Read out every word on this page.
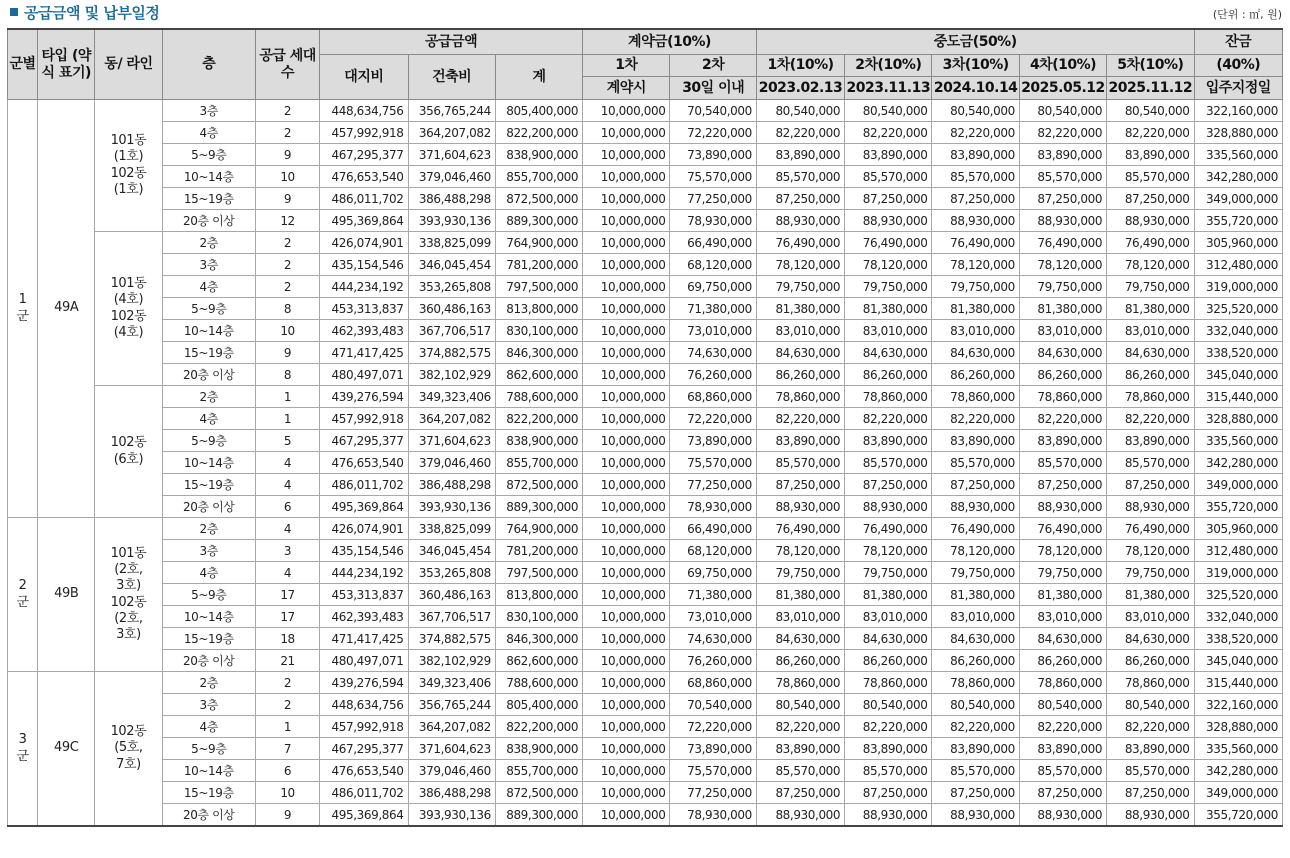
공급금액 및 납부일정	(단위 : ㎡, 원)
군별	타입 (약식 표기)	동/ 라인	층	공급 세대수	공급금액			계약금(10%)		중도금(50%)					잔금
					대지비	건축비	계	1차	2차	1차(10%)	2차(10%)	3차(10%)	4차(10%)	5차(10%)	(40%)
								계약시	30일 이내	2023.02.13	2023.11.13	2024.10.14	2025.05.12	2025.11.12	입주지정일
1 군	49A	101동 (1호) 102동 (1호)	3층	2	448,634,756	356,765,244	805,400,000	10,000,000	70,540,000	80,540,000	80,540,000	80,540,000	80,540,000	80,540,000	322,160,000
			4층	2	457,992,918	364,207,082	822,200,000	10,000,000	72,220,000	82,220,000	82,220,000	82,220,000	82,220,000	82,220,000	328,880,000
			5~9층	9	467,295,377	371,604,623	838,900,000	10,000,000	73,890,000	83,890,000	83,890,000	83,890,000	83,890,000	83,890,000	335,560,000
			10~14층	10	476,653,540	379,046,460	855,700,000	10,000,000	75,570,000	85,570,000	85,570,000	85,570,000	85,570,000	85,570,000	342,280,000
			15~19층	9	486,011,702	386,488,298	872,500,000	10,000,000	77,250,000	87,250,000	87,250,000	87,250,000	87,250,000	87,250,000	349,000,000
			20층 이상	12	495,369,864	393,930,136	889,300,000	10,000,000	78,930,000	88,930,000	88,930,000	88,930,000	88,930,000	88,930,000	355,720,000
		101동 (4호) 102동 (4호)	2층	2	426,074,901	338,825,099	764,900,000	10,000,000	66,490,000	76,490,000	76,490,000	76,490,000	76,490,000	76,490,000	305,960,000
			3층	2	435,154,546	346,045,454	781,200,000	10,000,000	68,120,000	78,120,000	78,120,000	78,120,000	78,120,000	78,120,000	312,480,000
			4층	2	444,234,192	353,265,808	797,500,000	10,000,000	69,750,000	79,750,000	79,750,000	79,750,000	79,750,000	79,750,000	319,000,000
			5~9층	8	453,313,837	360,486,163	813,800,000	10,000,000	71,380,000	81,380,000	81,380,000	81,380,000	81,380,000	81,380,000	325,520,000
			10~14층	10	462,393,483	367,706,517	830,100,000	10,000,000	73,010,000	83,010,000	83,010,000	83,010,000	83,010,000	83,010,000	332,040,000
			15~19층	9	471,417,425	374,882,575	846,300,000	10,000,000	74,630,000	84,630,000	84,630,000	84,630,000	84,630,000	84,630,000	338,520,000
			20층 이상	8	480,497,071	382,102,929	862,600,000	10,000,000	76,260,000	86,260,000	86,260,000	86,260,000	86,260,000	86,260,000	345,040,000
		102동 (6호)	2층	1	439,276,594	349,323,406	788,600,000	10,000,000	68,860,000	78,860,000	78,860,000	78,860,000	78,860,000	78,860,000	315,440,000
			4층	1	457,992,918	364,207,082	822,200,000	10,000,000	72,220,000	82,220,000	82,220,000	82,220,000	82,220,000	82,220,000	328,880,000
			5~9층	5	467,295,377	371,604,623	838,900,000	10,000,000	73,890,000	83,890,000	83,890,000	83,890,000	83,890,000	83,890,000	335,560,000
			10~14층	4	476,653,540	379,046,460	855,700,000	10,000,000	75,570,000	85,570,000	85,570,000	85,570,000	85,570,000	85,570,000	342,280,000
			15~19층	4	486,011,702	386,488,298	872,500,000	10,000,000	77,250,000	87,250,000	87,250,000	87,250,000	87,250,000	87,250,000	349,000,000
			20층 이상	6	495,369,864	393,930,136	889,300,000	10,000,000	78,930,000	88,930,000	88,930,000	88,930,000	88,930,000	88,930,000	355,720,000
2 군	49B	101동 (2호, 3호) 102동 (2호, 3호)	2층	4	426,074,901	338,825,099	764,900,000	10,000,000	66,490,000	76,490,000	76,490,000	76,490,000	76,490,000	76,490,000	305,960,000
			3층	3	435,154,546	346,045,454	781,200,000	10,000,000	68,120,000	78,120,000	78,120,000	78,120,000	78,120,000	78,120,000	312,480,000
			4층	4	444,234,192	353,265,808	797,500,000	10,000,000	69,750,000	79,750,000	79,750,000	79,750,000	79,750,000	79,750,000	319,000,000
			5~9층	17	453,313,837	360,486,163	813,800,000	10,000,000	71,380,000	81,380,000	81,380,000	81,380,000	81,380,000	81,380,000	325,520,000
			10~14층	17	462,393,483	367,706,517	830,100,000	10,000,000	73,010,000	83,010,000	83,010,000	83,010,000	83,010,000	83,010,000	332,040,000
			15~19층	18	471,417,425	374,882,575	846,300,000	10,000,000	74,630,000	84,630,000	84,630,000	84,630,000	84,630,000	84,630,000	338,520,000
			20층 이상	21	480,497,071	382,102,929	862,600,000	10,000,000	76,260,000	86,260,000	86,260,000	86,260,000	86,260,000	86,260,000	345,040,000
3 군	49C	102동 (5호, 7호)	2층	2	439,276,594	349,323,406	788,600,000	10,000,000	68,860,000	78,860,000	78,860,000	78,860,000	78,860,000	78,860,000	315,440,000
			3층	2	448,634,756	356,765,244	805,400,000	10,000,000	70,540,000	80,540,000	80,540,000	80,540,000	80,540,000	80,540,000	322,160,000
			4층	1	457,992,918	364,207,082	822,200,000	10,000,000	72,220,000	82,220,000	82,220,000	82,220,000	82,220,000	82,220,000	328,880,000
			5~9층	7	467,295,377	371,604,623	838,900,000	10,000,000	73,890,000	83,890,000	83,890,000	83,890,000	83,890,000	83,890,000	335,560,000
			10~14층	6	476,653,540	379,046,460	855,700,000	10,000,000	75,570,000	85,570,000	85,570,000	85,570,000	85,570,000	85,570,000	342,280,000
			15~19층	10	486,011,702	386,488,298	872,500,000	10,000,000	77,250,000	87,250,000	87,250,000	87,250,000	87,250,000	87,250,000	349,000,000
			20층 이상	9	495,369,864	393,930,136	889,300,000	10,000,000	78,930,000	88,930,000	88,930,000	88,930,000	88,930,000	88,930,000	355,720,000
